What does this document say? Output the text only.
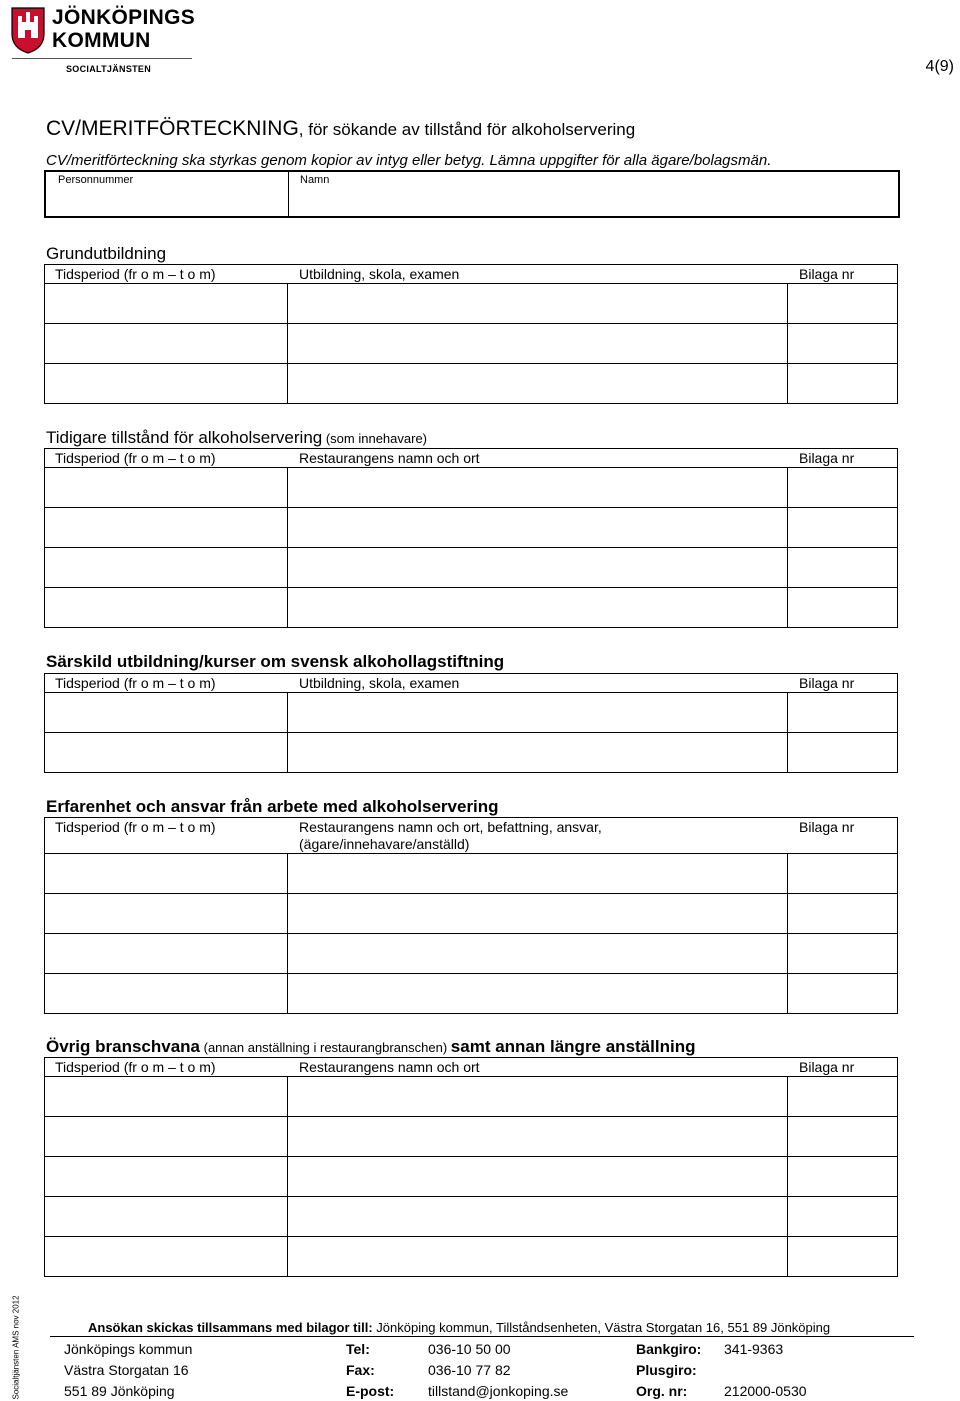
JÖNKÖPINGS
KOMMUN
SOCIALTJÄNSTEN	4(9)
CV/MERITFÖRTECKNING, för sökande av tillstånd för alkoholservering
CV/meritförteckning ska styrkas genom kopior av intyg eller betyg. Lämna uppgifter för alla ägare/bolagsmän.
Personnummer	Namn
Grundutbildning
Tidsperiod (fr o m – t o m)	Utbildning, skola, examen	Bilaga nr
Tidigare tillstånd för alkoholservering (som innehavare)
Tidsperiod (fr o m – t o m)	Restaurangens namn och ort	Bilaga nr
Särskild utbildning/kurser om svensk alkohollagstiftning
Tidsperiod (fr o m – t o m)	Utbildning, skola, examen	Bilaga nr
Erfarenhet och ansvar från arbete med alkoholservering
Tidsperiod (fr o m – t o m)	Restaurangens namn och ort, befattning, ansvar,
(ägare/innehavare/anställd)
Bilaga nr
Övrig branschvana (annan anställning i restaurangbranschen) samt annan längre anställning
Tidsperiod (fr o m – t o m)	Restaurangens namn och ort	Bilaga nr
Socialtjänsten AMS nov 2012	Ansökan skickas tillsammans med bilagor till: Jönköping kommun, Tillståndsenheten, Västra Storgatan 16, 551 89 Jönköping
Jönköpings kommun
Västra Storgatan 16
551 89 Jönköping
Tel:	036-10 50 00
Fax:	036-10 77 82
E-post: tillstand@jonkoping.se
Bankgiro: 341-9363
Plusgiro:
Org. nr:	212000-0530
